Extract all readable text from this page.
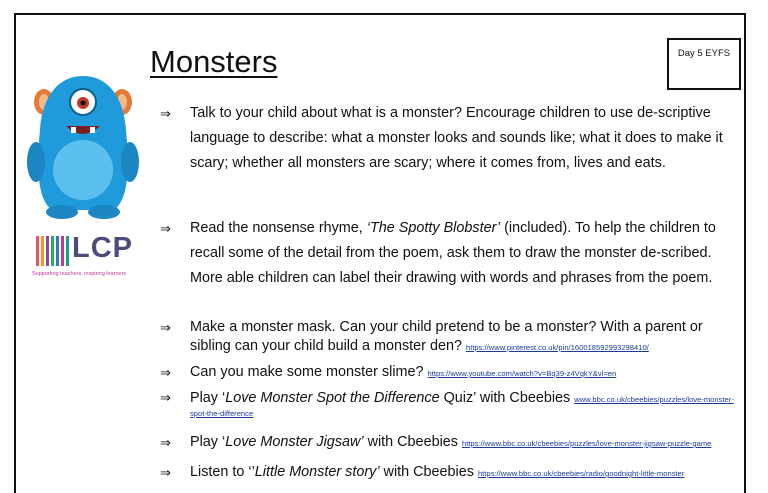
Monsters	Day 5 EYFS
LCP
Supporting teachers, inspiring learners
⇒ Talk to your child about what is a monster? Encourage children to use de-scriptive language to describe: what a monster looks and sounds like; what it does to make it scary; whether all monsters are scary; where it comes from, lives and eats.
⇒ Read the nonsense rhyme, ‘The Spotty Blobster’ (included). To help the children to recall some of the detail from the poem, ask them to draw the monster de-scribed. More able children can label their drawing with words and phrases from the poem.
⇒ Make a monster mask. Can your child pretend to be a monster? With a parent or sibling can your child build a monster den? https://www.pinterest.co.uk/pin/160018592993298410/
⇒ Can you make some monster slime? https://www.youtube.com/watch?v=Bq39-z4VqkY&vl=en
⇒ Play ‘Love Monster Spot the Difference Quiz’ with Cbeebies www.bbc.co.uk/cbeebies/puzzles/love-monster-spot-the-difference
⇒ Play ‘Love Monster Jigsaw’ with Cbeebies https://www.bbc.co.uk/cbeebies/puzzles/love-monster-jigsaw-puzzle-game
⇒ Listen to ‘’Little Monster story’ with Cbeebies https://www.bbc.co.uk/cbeebies/radio/goodnight-little-monster
